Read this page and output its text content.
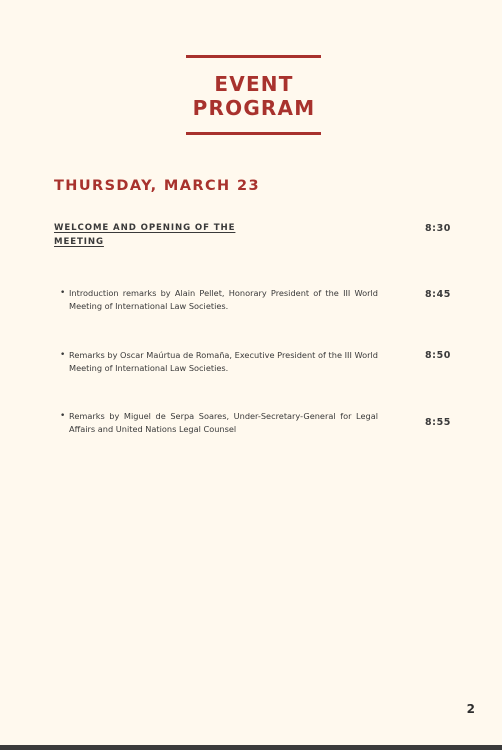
EVENT
PROGRAM
THURSDAY, MARCH 23
WELCOME AND OPENING OF THE MEETING
8:30
• Introduction remarks by Alain Pellet, Honorary President of the III World Meeting of International Law Societies.
8:45
• Remarks by Oscar Maúrtua de Romaña, Executive President of the III World Meeting of International Law Societies.
8:50
• Remarks by Miguel de Serpa Soares, Under-Secretary-General for Legal Affairs and United Nations Legal Counsel
8:55
2
